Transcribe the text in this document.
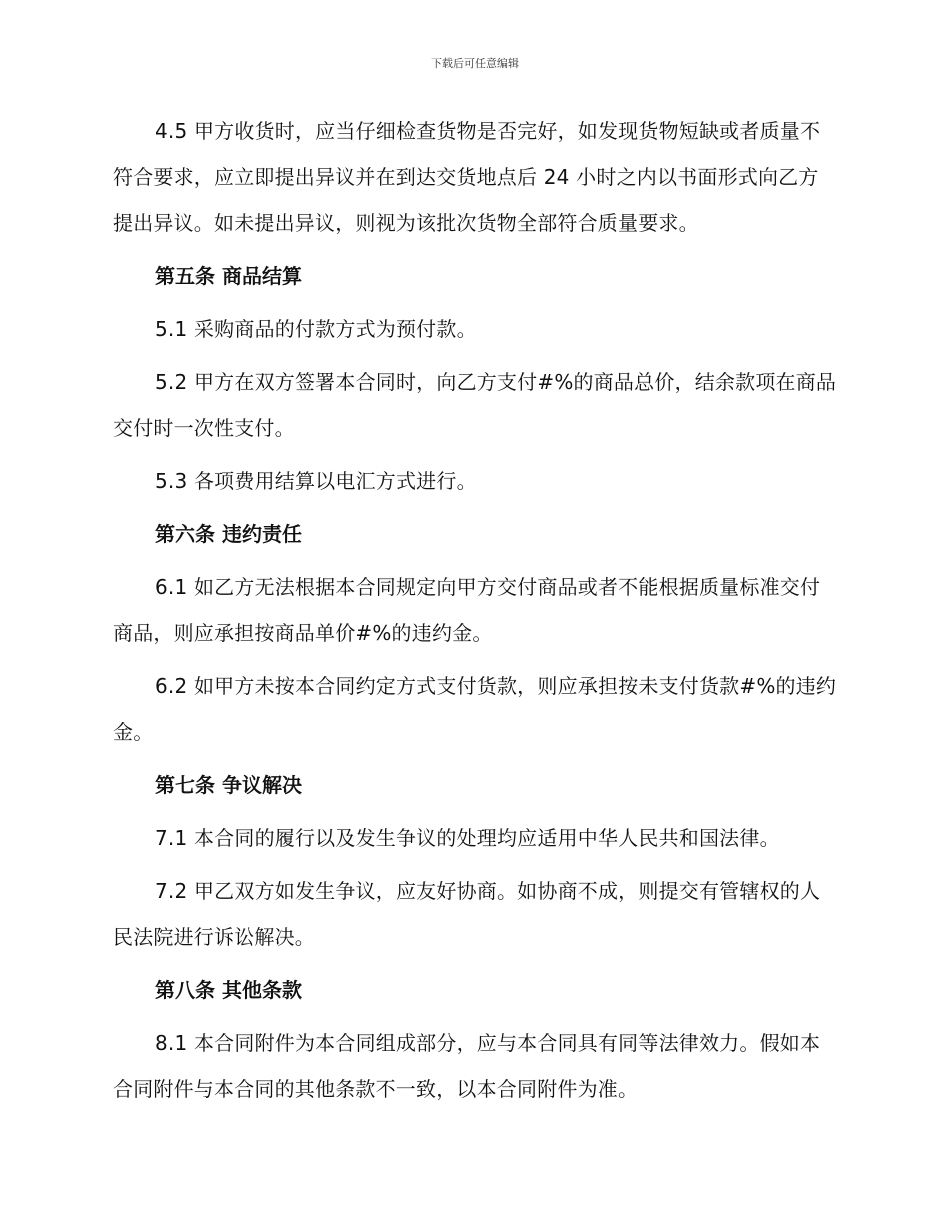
下载后可任意编辑

4.5 甲方收货时，应当仔细检查货物是否完好，如发现货物短缺或者质量不符合要求，应立即提出异议并在到达交货地点后 24 小时之内以书面形式向乙方提出异议。如未提出异议，则视为该批次货物全部符合质量要求。

第五条 商品结算

5.1 采购商品的付款方式为预付款。

5.2 甲方在双方签署本合同时，向乙方支付#%的商品总价，结余款项在商品交付时一次性支付。

5.3 各项费用结算以电汇方式进行。

第六条 违约责任

6.1 如乙方无法根据本合同规定向甲方交付商品或者不能根据质量标准交付商品，则应承担按商品单价#%的违约金。

6.2 如甲方未按本合同约定方式支付货款，则应承担按未支付货款#%的违约金。

第七条 争议解决

7.1 本合同的履行以及发生争议的处理均应适用中华人民共和国法律。

7.2 甲乙双方如发生争议，应友好协商。如协商不成，则提交有管辖权的人民法院进行诉讼解决。

第八条 其他条款

8.1 本合同附件为本合同组成部分，应与本合同具有同等法律效力。假如本合同附件与本合同的其他条款不一致，以本合同附件为准。
